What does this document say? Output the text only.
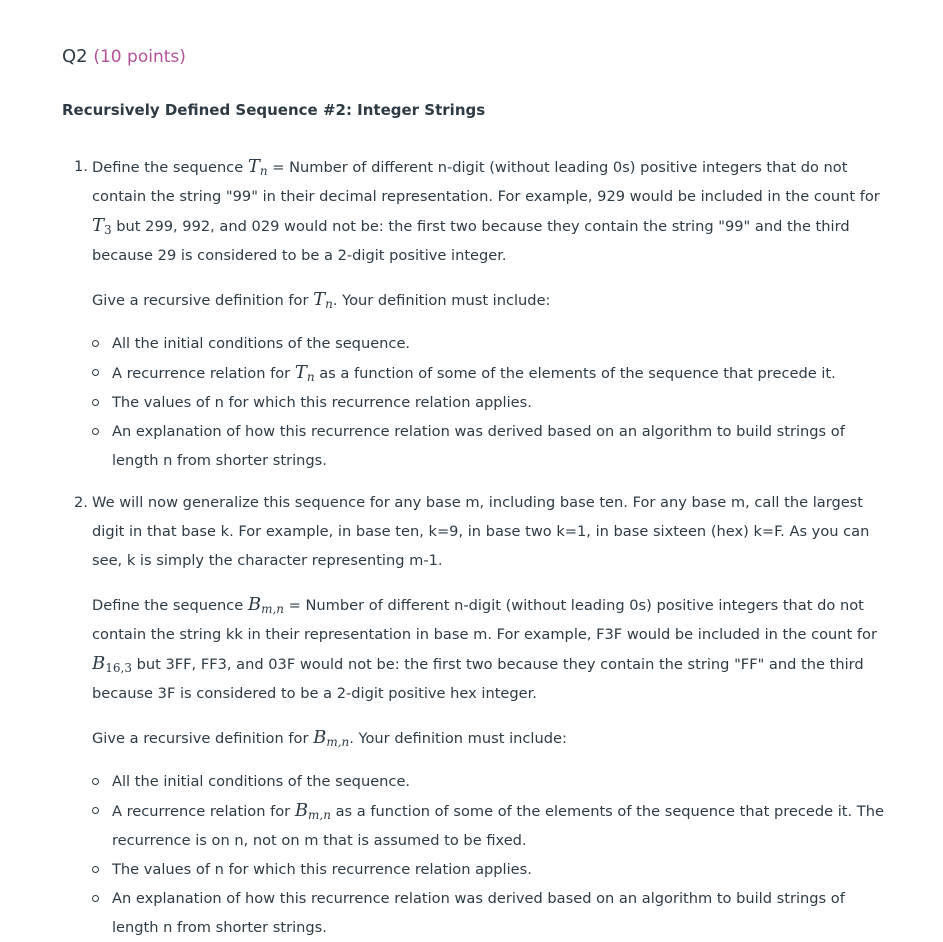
Q2 (10 points)
Recursively Defined Sequence #2: Integer Strings
1. Define the sequence $T_n$ = Number of different n-digit (without leading 0s) positive integers that do not contain the string "99" in their decimal representation. For example, 929 would be included in the count for $T_3$ but 299, 992, and 029 would not be: the first two because they contain the string "99" and the third because 29 is considered to be a 2-digit positive integer.

Give a recursive definition for $T_n$. Your definition must include:

All the initial conditions of the sequence.
A recurrence relation for $T_n$ as a function of some of the elements of the sequence that precede it.
The values of n for which this recurrence relation applies.
An explanation of how this recurrence relation was derived based on an algorithm to build strings of length n from shorter strings.
2. We will now generalize this sequence for any base m, including base ten. For any base m, call the largest digit in that base k. For example, in base ten, k=9, in base two k=1, in base sixteen (hex) k=F. As you can see, k is simply the character representing m-1.

Define the sequence $B_{m,n}$ = Number of different n-digit (without leading 0s) positive integers that do not contain the string kk in their representation in base m. For example, F3F would be included in the count for $B_{16,3}$ but 3FF, FF3, and 03F would not be: the first two because they contain the string "FF" and the third because 3F is considered to be a 2-digit positive hex integer.

Give a recursive definition for $B_{m,n}$. Your definition must include:

All the initial conditions of the sequence.
A recurrence relation for $B_{m,n}$ as a function of some of the elements of the sequence that precede it. The recurrence is on n, not on m that is assumed to be fixed.
The values of n for which this recurrence relation applies.
An explanation of how this recurrence relation was derived based on an algorithm to build strings of length n from shorter strings.
